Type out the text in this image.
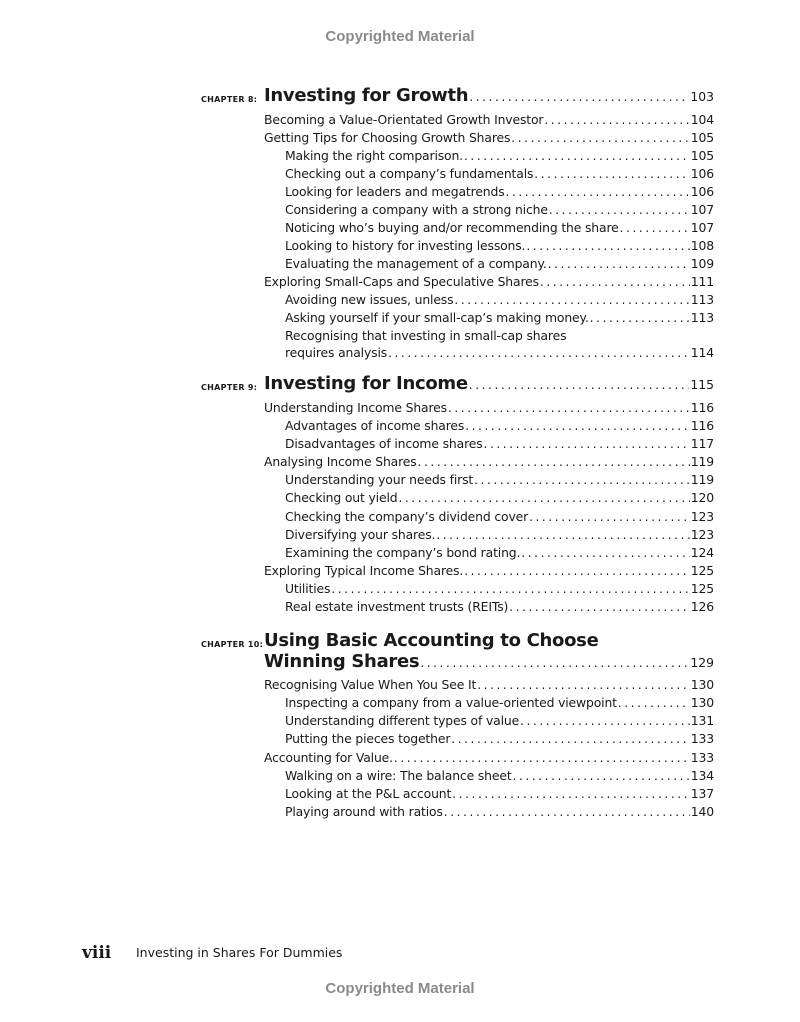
Copyrighted Material
CHAPTER 8: Investing for Growth . . .	103
Becoming a Value-Orientated Growth Investor . . .	104
Getting Tips for Choosing Growth Shares . . .	105
Making the right comparison. . . .	105
Checking out a company’s fundamentals . . .	106
Looking for leaders and megatrends . . .	106
Considering a company with a strong niche . . .	107
Noticing who’s buying and/or recommending the share . . .	107
Looking to history for investing lessons. . . .	108
Evaluating the management of a company. . . .	109
Exploring Small-Caps and Speculative Shares . . .	111
Avoiding new issues, unless . . .	113
Asking yourself if your small-cap’s making money. . . .	113
Recognising that investing in small-cap shares
requires analysis . . .	114
CHAPTER 9: Investing for Income . . .	115
Understanding Income Shares . . .	116
Advantages of income shares . . .	116
Disadvantages of income shares . . .	117
Analysing Income Shares . . .	119
Understanding your needs first . . .	119
Checking out yield . . .	120
Checking the company’s dividend cover . . .	123
Diversifying your shares. . . .	123
Examining the company’s bond rating. . . .	124
Exploring Typical Income Shares. . . .	125
Utilities . . .	125
Real estate investment trusts (REITs) . . .	126
CHAPTER 10: Using Basic Accounting to Choose
Winning Shares . . .	129
Recognising Value When You See It . . .	130
Inspecting a company from a value-oriented viewpoint . . .	130
Understanding different types of value . . .	131
Putting the pieces together . . .	133
Accounting for Value. . . .	133
Walking on a wire: The balance sheet . . .	134
Looking at the P&L account . . .	137
Playing around with ratios . . .	140
viii Investing in Shares For Dummies
Copyrighted Material
